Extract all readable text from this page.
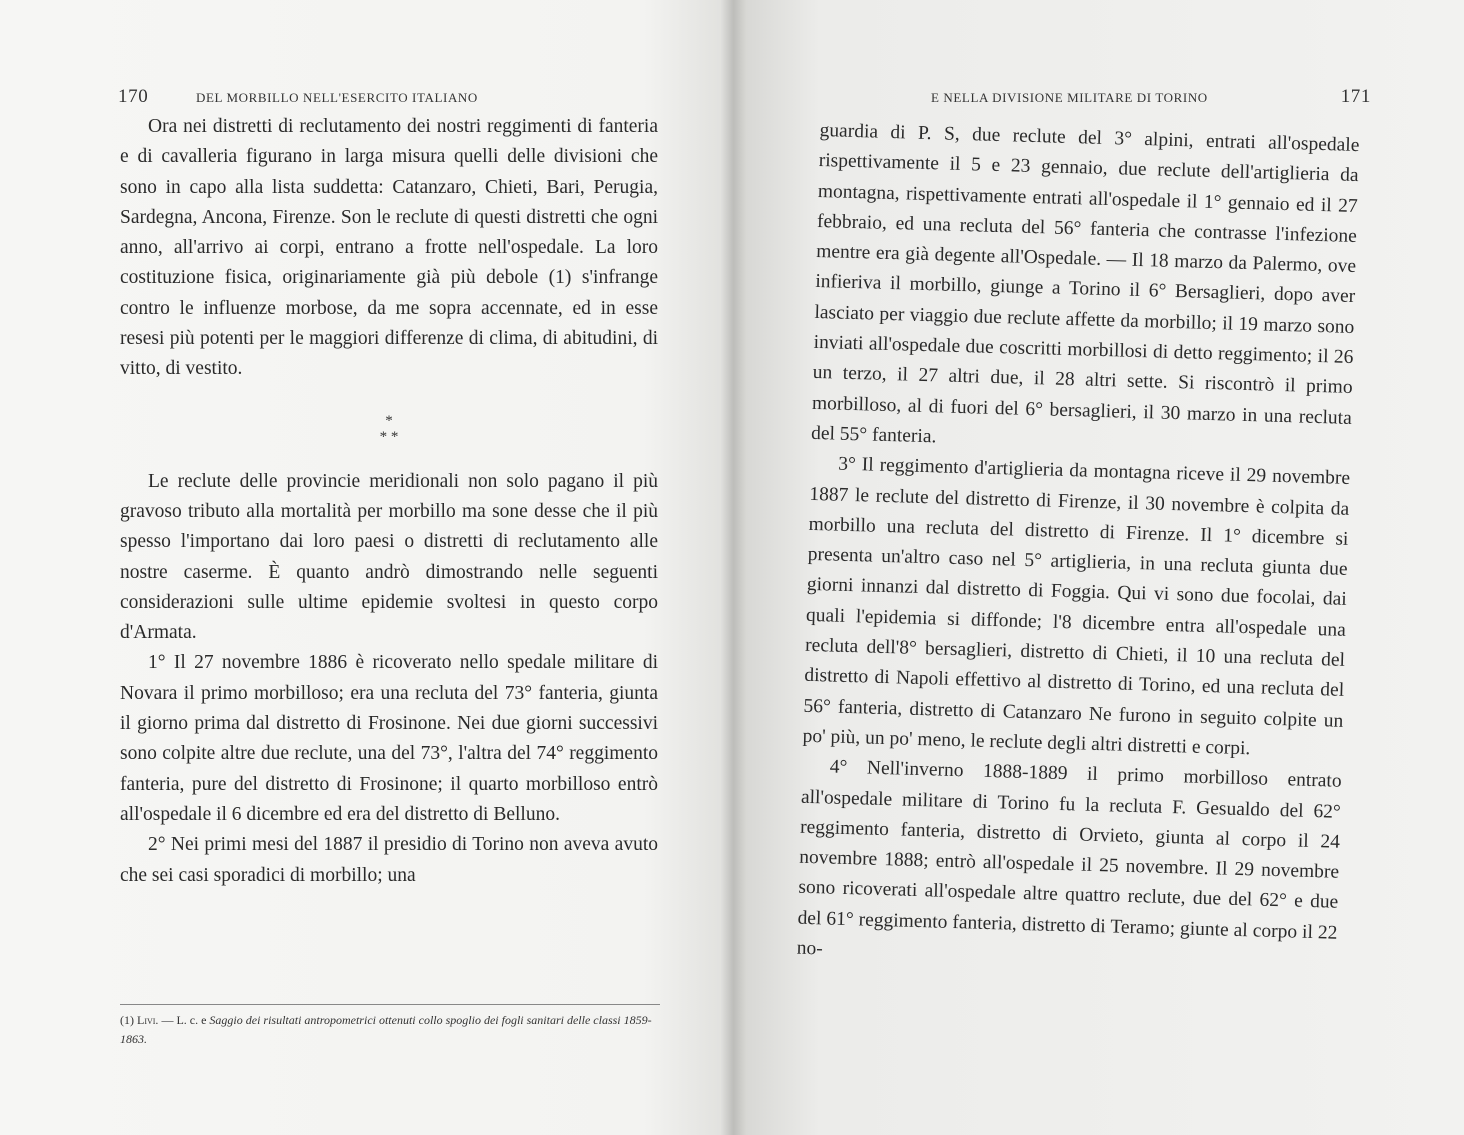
170	DEL MORBILLO NELL'ESERCITO ITALIANO

Ora nei distretti di reclutamento dei nostri reggimenti di fanteria e di cavalleria figurano in larga misura quelli delle divisioni che sono in capo alla lista suddetta: Catanzaro, Chieti, Bari, Perugia, Sardegna, Ancona, Firenze. Son le reclute di questi distretti che ogni anno, all'arrivo ai corpi, entrano a frotte nell'ospedale. La loro costituzione fisica, originariamente già più debole (1) s'infrange contro le influenze morbose, da me sopra accennate, ed in esse resesi più potenti per le maggiori differenze di clima, di abitudini, di vitto, di vestito.

*
* *

Le reclute delle provincie meridionali non solo pagano il più gravoso tributo alla mortalità per morbillo ma sone desse che il più spesso l'importano dai loro paesi o distretti di reclutamento alle nostre caserme. È quanto andrò dimostrando nelle seguenti considerazioni sulle ultime epidemie svoltesi in questo corpo d'Armata.

1° Il 27 novembre 1886 è ricoverato nello spedale militare di Novara il primo morbilloso; era una recluta del 73° fanteria, giunta il giorno prima dal distretto di Frosinone. Nei due giorni successivi sono colpite altre due reclute, una del 73°, l'altra del 74° reggimento fanteria, pure del distretto di Frosinone; il quarto morbilloso entrò all'ospedale il 6 dicembre ed era del distretto di Belluno.

2° Nei primi mesi del 1887 il presidio di Torino non aveva avuto che sei casi sporadici di morbillo; una

(1) Livi. — L. c. e Saggio dei risultati antropometrici ottenuti collo spoglio dei fogli sanitari delle classi 1859-1863.
E NELLA DIVISIONE MILITARE DI TORINO	171

guardia di P. S, due reclute del 3° alpini, entrati all'ospedale rispettivamente il 5 e 23 gennaio, due reclute dell'artiglieria da montagna, rispettivamente entrati all'ospedale il 1° gennaio ed il 27 febbraio, ed una recluta del 56° fanteria che contrasse l'infezione mentre era già degente all'Ospedale. — Il 18 marzo da Palermo, ove infieriva il morbillo, giunge a Torino il 6° Bersaglieri, dopo aver lasciato per viaggio due reclute affette da morbillo; il 19 marzo sono inviati all'ospedale due coscritti morbillosi di detto reggimento; il 26 un terzo, il 27 altri due, il 28 altri sette. Si riscontrò il primo morbilloso, al di fuori del 6° bersaglieri, il 30 marzo in una recluta del 55° fanteria.

3° Il reggimento d'artiglieria da montagna riceve il 29 novembre 1887 le reclute del distretto di Firenze, il 30 novembre è colpita da morbillo una recluta del distretto di Firenze. Il 1° dicembre si presenta un'altro caso nel 5° artiglieria, in una recluta giunta due giorni innanzi dal distretto di Foggia. Qui vi sono due focolai, dai quali l'epidemia si diffonde; l'8 dicembre entra all'ospedale una recluta dell'8° bersaglieri, distretto di Chieti, il 10 una recluta del distretto di Napoli effettivo al distretto di Torino, ed una recluta del 56° fanteria, distretto di Catanzaro Ne furono in seguito colpite un po' più, un po' meno, le reclute degli altri distretti e corpi.

4° Nell'inverno 1888-1889 il primo morbilloso entrato all'ospedale militare di Torino fu la recluta F. Gesualdo del 62° reggimento fanteria, distretto di Orvieto, giunta al corpo il 24 novembre 1888; entrò all'ospedale il 25 novembre. Il 29 novembre sono ricoverati all'ospedale altre quattro reclute, due del 62° e due del 61° reggimento fanteria, distretto di Teramo; giunte al corpo il 22 no-
